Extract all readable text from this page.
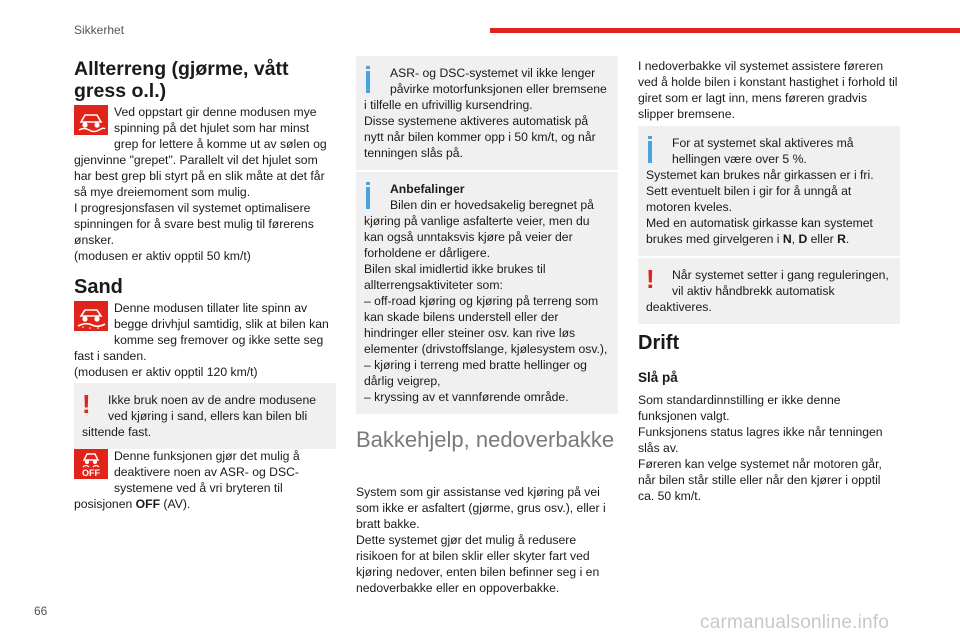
Sikkerhet
66
carmanualsonline.info
Allterreng (gjørme, vått gress o.l.)
Ved oppstart gir denne modusen mye spinning på det hjulet som har minst grep for lettere å komme ut av sølen og gjenvinne "grepet". Parallelt vil det hjulet som har best grep bli styrt på en slik måte at det får så mye dreiemoment som mulig.
I progresjonsfasen vil systemet optimalisere spinningen for å svare best mulig til førerens ønsker.
(modusen er aktiv opptil 50 km/t)
Sand
Denne modusen tillater lite spinn av begge drivhjul samtidig, slik at bilen kan komme seg fremover og ikke sette seg fast i sanden.
(modusen er aktiv opptil 120 km/t)
! Ikke bruk noen av de andre modusene ved kjøring i sand, ellers kan bilen bli sittende fast.
OFF
Denne funksjonen gjør det mulig å deaktivere noen av ASR- og DSC-systemene ved å vri bryteren til posisjonen OFF (AV).
ASR- og DSC-systemet vil ikke lenger påvirke motorfunksjonen eller bremsene i tilfelle en ufrivillig kursendring.
Disse systemene aktiveres automatisk på nytt når bilen kommer opp i 50 km/t, og når tenningen slås på.
Anbefalinger
Bilen din er hovedsakelig beregnet på kjøring på vanlige asfalterte veier, men du kan også unntaksvis kjøre på veier der forholdene er dårligere.
Bilen skal imidlertid ikke brukes til allterrengsaktiviteter som:
– off-road kjøring og kjøring på terreng som kan skade bilens understell eller der hindringer eller steiner osv. kan rive løs elementer (drivstoffslange, kjølesystem osv.),
– kjøring i terreng med bratte hellinger og dårlig veigrep,
– kryssing av et vannførende område.
Bakkehjelp, nedoverbakke
System som gir assistanse ved kjøring på vei som ikke er asfaltert (gjørme, grus osv.), eller i bratt bakke.
Dette systemet gjør det mulig å redusere risikoen for at bilen sklir eller skyter fart ved kjøring nedover, enten bilen befinner seg i en nedoverbakke eller en oppoverbakke.
I nedoverbakke vil systemet assistere føreren ved å holde bilen i konstant hastighet i forhold til giret som er lagt inn, mens føreren gradvis slipper bremsene.
For at systemet skal aktiveres må hellingen være over 5 %.
Systemet kan brukes når girkassen er i fri. Sett eventuelt bilen i gir for å unngå at motoren kveles.
Med en automatisk girkasse kan systemet brukes med girvelgeren i N, D eller R.
! Når systemet setter i gang reguleringen, vil aktiv håndbrekk automatisk deaktiveres.
Drift
Slå på
Som standardinnstilling er ikke denne funksjonen valgt.
Funksjonens status lagres ikke når tenningen slås av.
Føreren kan velge systemet når motoren går, når bilen står stille eller når den kjører i opptil ca. 50 km/t.
